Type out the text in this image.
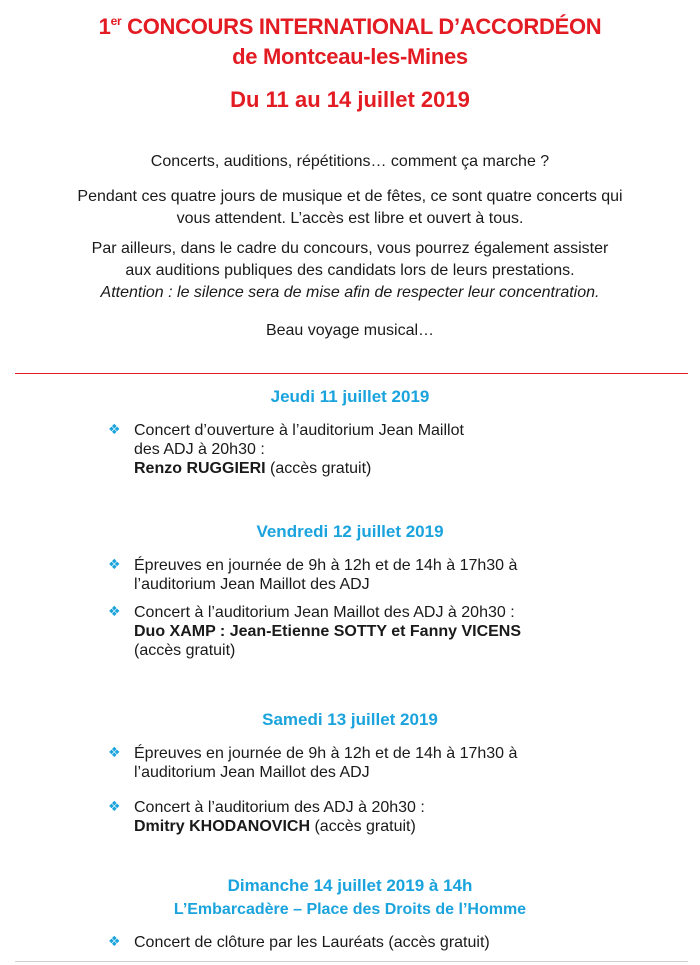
1er CONCOURS INTERNATIONAL D’ACCORDÉON
de Montceau-les-Mines
Du 11 au 14 juillet 2019
Concerts, auditions, répétitions… comment ça marche ?
Pendant ces quatre jours de musique et de fêtes, ce sont quatre concerts qui
vous attendent. L’accès est libre et ouvert à tous.
Par ailleurs, dans le cadre du concours, vous pourrez également assister
aux auditions publiques des candidats lors de leurs prestations.
Attention : le silence sera de mise afin de respecter leur concentration.
Beau voyage musical…
Jeudi 11 juillet 2019
❖ Concert d’ouverture à l’auditorium Jean Maillot
des ADJ à 20h30 :
Renzo RUGGIERI (accès gratuit)
Vendredi 12 juillet 2019
❖ Épreuves en journée de 9h à 12h et de 14h à 17h30 à
l’auditorium Jean Maillot des ADJ
❖ Concert à l’auditorium Jean Maillot des ADJ à 20h30 :
Duo XAMP : Jean-Etienne SOTTY et Fanny VICENS
(accès gratuit)
Samedi 13 juillet 2019
❖ Épreuves en journée de 9h à 12h et de 14h à 17h30 à
l’auditorium Jean Maillot des ADJ
❖ Concert à l’auditorium des ADJ à 20h30 :
Dmitry KHODANOVICH (accès gratuit)
Dimanche 14 juillet 2019 à 14h
L’Embarcadère – Place des Droits de l’Homme
❖ Concert de clôture par les Lauréats (accès gratuit)
